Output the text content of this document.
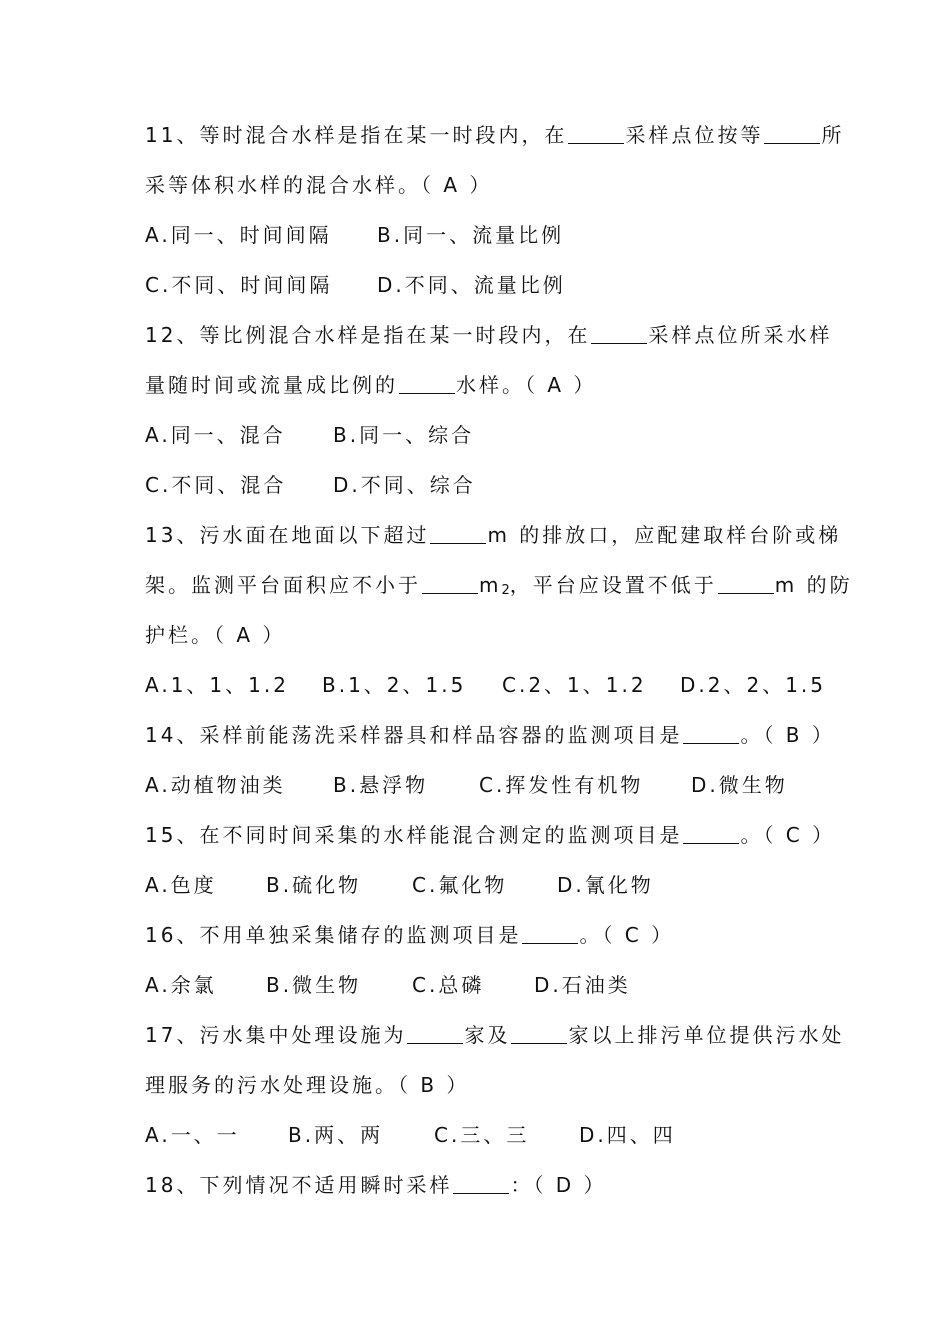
11、等时混合水样是指在某一时段内，在	采样点位按等	所
采等体积水样的混合水样。（ A ）
A.同一、时间间隔 B.同一、流量比例
C.不同、时间间隔 D.不同、流量比例
12、等比例混合水样是指在某一时段内，在	采样点位所采水样
量随时间或流量成比例的	水样。（ A ）
A.同一、混合 B.同一、综合
C.不同、混合 D.不同、综合
13、污水面在地面以下超过	m 的排放口，应配建取样台阶或梯
架。监测平台面积应不小于	m2，平台应设置不低于	m 的防
护栏。（ A ）
A.1、1、1.2 B.1、2、1.5 C.2、1、1.2 D.2、2、1.5
14、采样前能荡洗采样器具和样品容器的监测项目是	。（ B ）
A.动植物油类 B.悬浮物	C.挥发性有机物 D.微生物
15、在不同时间采集的水样能混合测定的监测项目是	。（ C ）
A.色度 B.硫化物	C.氟化物 D.氰化物
16、不用单独采集储存的监测项目是	。（ C ）
A.余氯 B.微生物	C.总磷 D.石油类
17、污水集中处理设施为	家及	家以上排污单位提供污水处
理服务的污水处理设施。（ B ）
A.一、一 B.两、两	C.三、三 D.四、四
18、下列情况不适用瞬时采样	：（ D ）
